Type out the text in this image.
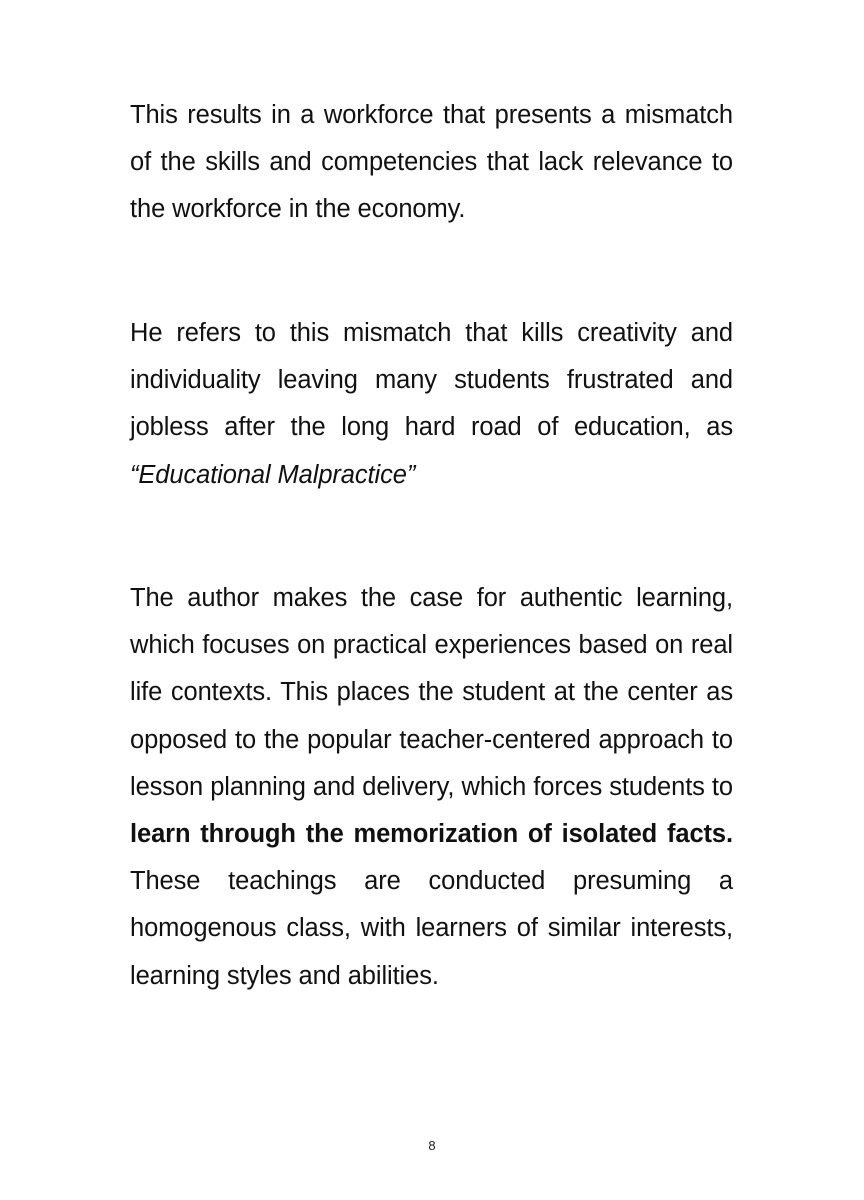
This results in a workforce that presents a mismatch of the skills and competencies that lack relevance to the workforce in the economy.

He refers to this mismatch that kills creativity and individuality leaving many students frustrated and jobless after the long hard road of education, as “Educational Malpractice”

The author makes the case for authentic learning, which focuses on practical experiences based on real life contexts. This places the student at the center as opposed to the popular teacher-centered approach to lesson planning and delivery, which forces students to learn through the memorization of isolated facts. These teachings are conducted presuming a homogenous class, with learners of similar interests, learning styles and abilities.

8
